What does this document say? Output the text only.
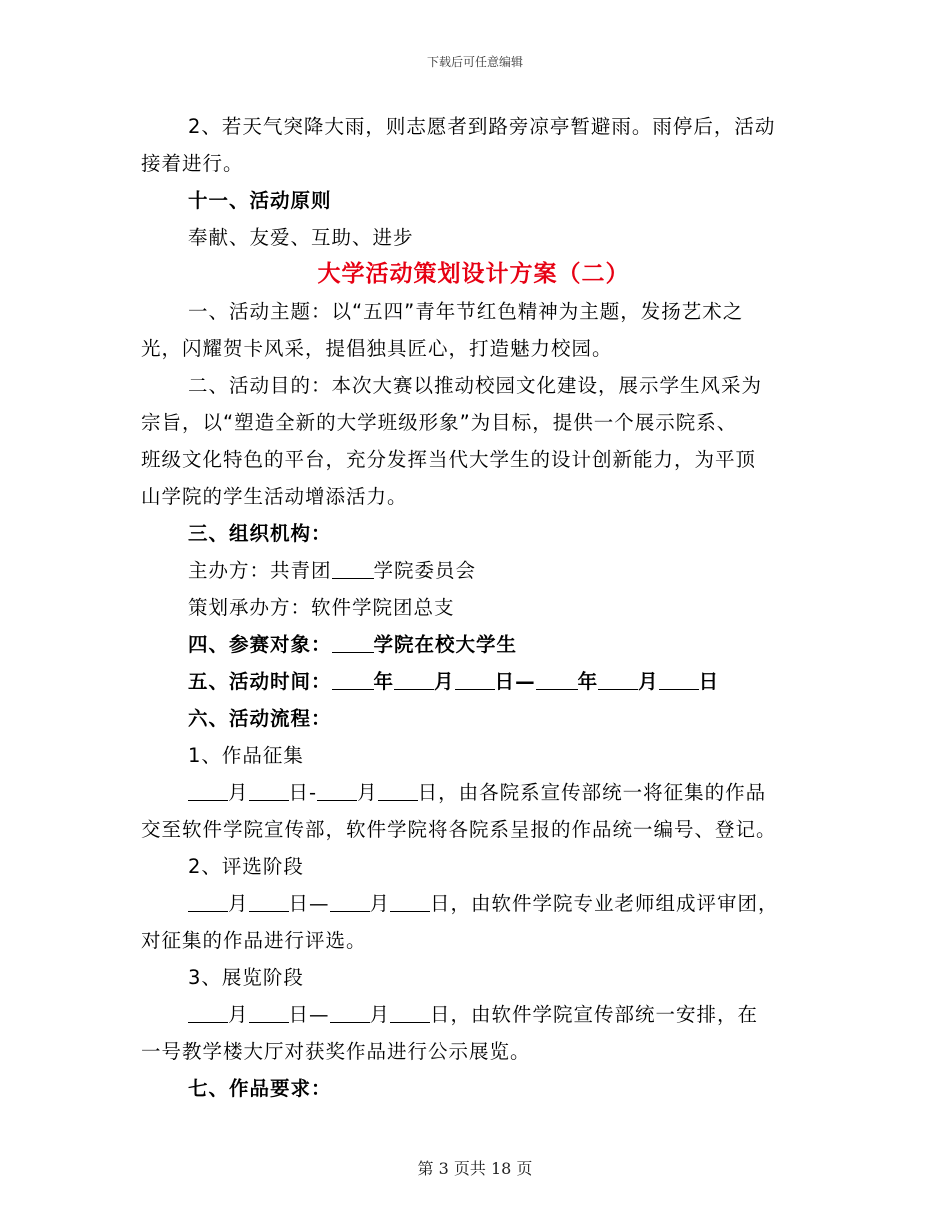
下载后可任意编辑
2、若天气突降大雨，则志愿者到路旁凉亭暂避雨。雨停后，活动
接着进行。
十一、活动原则
奉献、友爱、互助、进步
大学活动策划设计方案（二）
一、活动主题：以“五四”青年节红色精神为主题，发扬艺术之
光，闪耀贺卡风采，提倡独具匠心，打造魅力校园。
二、活动目的：本次大赛以推动校园文化建设，展示学生风采为
宗旨，以“塑造全新的大学班级形象”为目标，提供一个展示院系、
班级文化特色的平台，充分发挥当代大学生的设计创新能力，为平顶
山学院的学生活动增添活力。
三、组织机构：
主办方：共青团 学院委员会
策划承办方：软件学院团总支
四、参赛对象： 学院在校大学生
五、活动时间： 年 月 日— 年 月 日
六、活动流程：
1、作品征集
月 日- 月 日，由各院系宣传部统一将征集的作品
交至软件学院宣传部，软件学院将各院系呈报的作品统一编号、登记。
2、评选阶段
月 日— 月 日，由软件学院专业老师组成评审团，
对征集的作品进行评选。
3、展览阶段
月 日— 月 日，由软件学院宣传部统一安排，在
一号教学楼大厅对获奖作品进行公示展览。
七、作品要求：
第 3 页共 18 页
